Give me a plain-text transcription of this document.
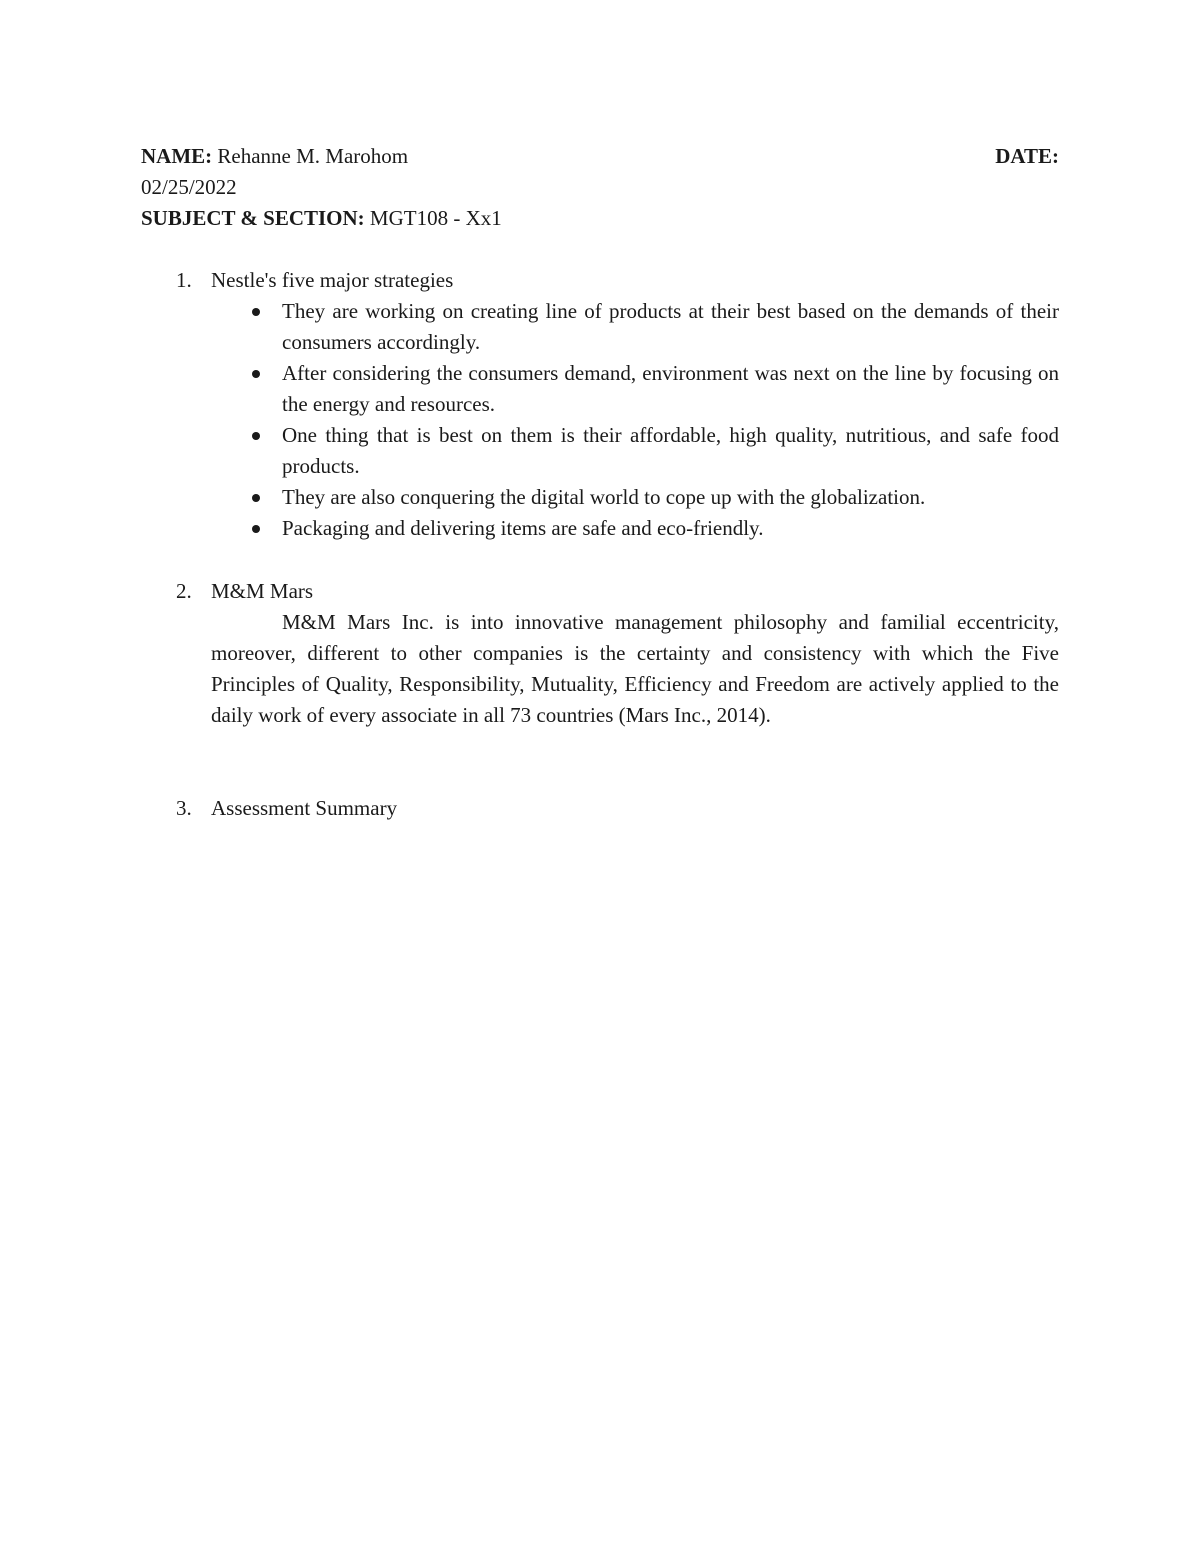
NAME: Rehanne M. Marohom	DATE:
02/25/2022
SUBJECT & SECTION: MGT108 - Xx1
1. Nestle's five major strategies
They are working on creating line of products at their best based on the demands of their consumers accordingly.
After considering the consumers demand, environment was next on the line by focusing on the energy and resources.
One thing that is best on them is their affordable, high quality, nutritious, and safe food products.
They are also conquering the digital world to cope up with the globalization.
Packaging and delivering items are safe and eco-friendly.
2. M&M Mars
M&M Mars Inc. is into innovative management philosophy and familial eccentricity, moreover, different to other companies is the certainty and consistency with which the Five Principles of Quality, Responsibility, Mutuality, Efficiency and Freedom are actively applied to the daily work of every associate in all 73 countries (Mars Inc., 2014).
3. Assessment Summary
